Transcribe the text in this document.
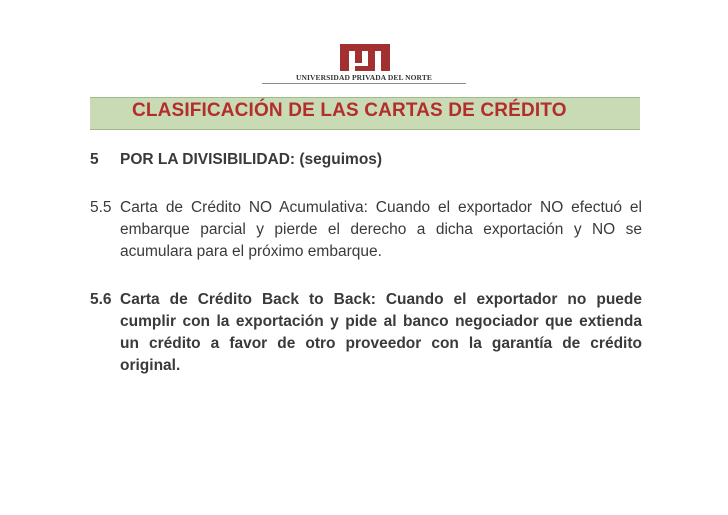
UNIVERSIDAD PRIVADA DEL NORTE
CLASIFICACIÓN DE LAS CARTAS DE CRÉDITO
5 POR LA DIVISIBILIDAD: (seguimos)
5.5 Carta de Crédito NO Acumulativa: Cuando el exportador NO efectuó el embarque parcial y pierde el derecho a dicha exportación y NO se acumulara para el próximo embarque.
5.6 Carta de Crédito Back to Back: Cuando el exportador no puede cumplir con la exportación y pide al banco negociador que extienda un crédito a favor de otro proveedor con la garantía de crédito original.
